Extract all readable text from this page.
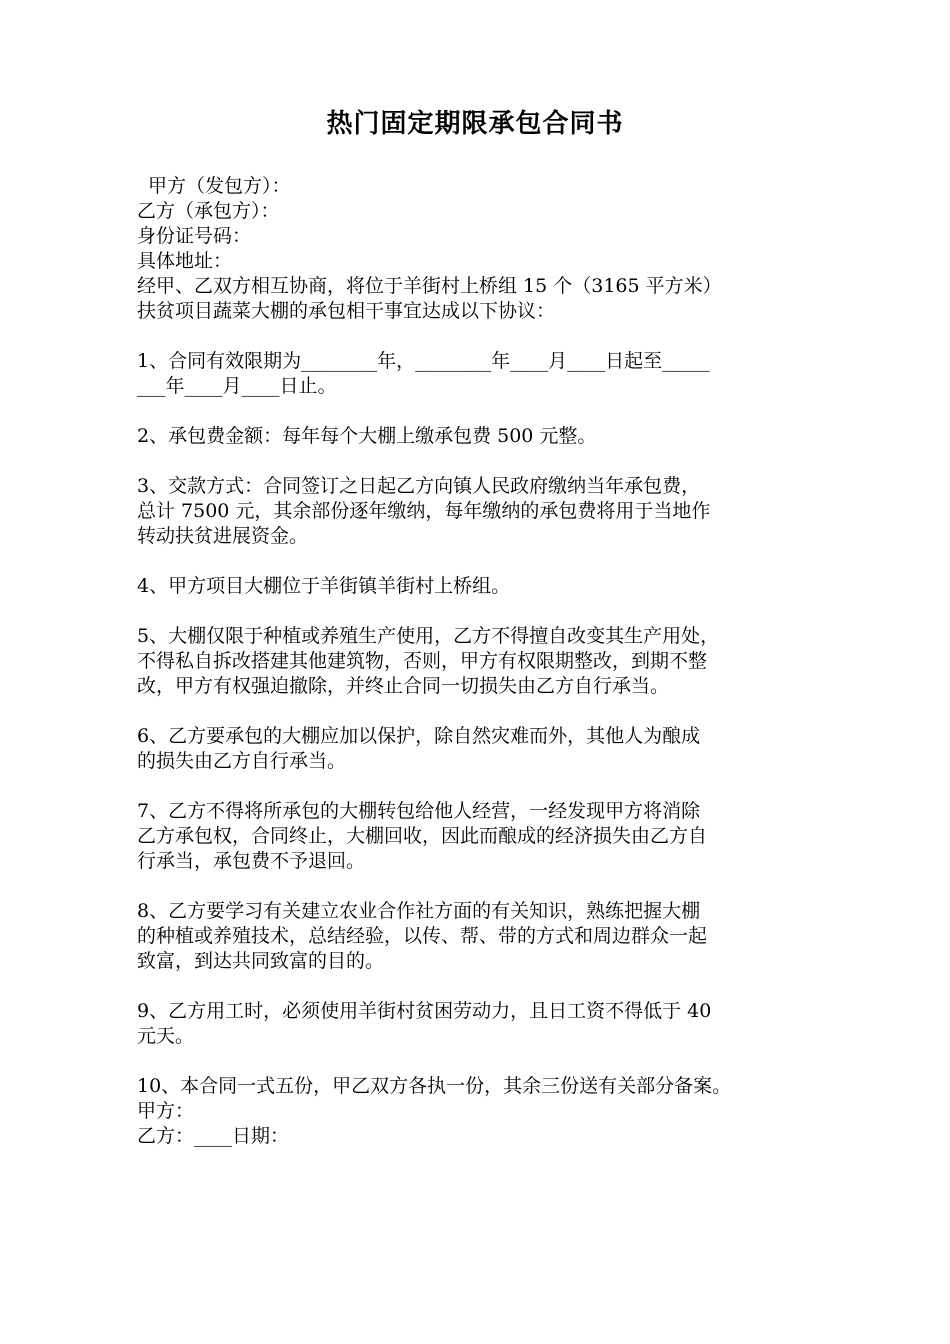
热门固定期限承包合同书
甲方（发包方）：
乙方（承包方）：
身份证号码：
具体地址：
经甲、乙双方相互协商，将位于羊街村上桥组 15 个（3165 平方米）
扶贫项目蔬菜大棚的承包相干事宜达成以下协议：
1、合同有效限期为________年，________年____月____日起至_____
___年____月____日止。
2、承包费金额：每年每个大棚上缴承包费 500 元整。
3、交款方式：合同签订之日起乙方向镇人民政府缴纳当年承包费，
总计 7500 元，其余部份逐年缴纳，每年缴纳的承包费将用于当地作
转动扶贫进展资金。
4、甲方项目大棚位于羊街镇羊街村上桥组。
5、大棚仅限于种植或养殖生产使用，乙方不得擅自改变其生产用处，
不得私自拆改搭建其他建筑物，否则，甲方有权限期整改，到期不整
改，甲方有权强迫撤除，并终止合同一切损失由乙方自行承当。
6、乙方要承包的大棚应加以保护，除自然灾难而外，其他人为酿成
的损失由乙方自行承当。
7、乙方不得将所承包的大棚转包给他人经营，一经发现甲方将消除
乙方承包权，合同终止，大棚回收，因此而酿成的经济损失由乙方自
行承当，承包费不予退回。
8、乙方要学习有关建立农业合作社方面的有关知识，熟练把握大棚
的种植或养殖技术，总结经验，以传、帮、带的方式和周边群众一起
致富，到达共同致富的目的。
9、乙方用工时，必须使用羊街村贫困劳动力，且日工资不得低于 40
元天。
10、本合同一式五份，甲乙双方各执一份，其余三份送有关部分备案。
甲方：
乙方：____日期：
